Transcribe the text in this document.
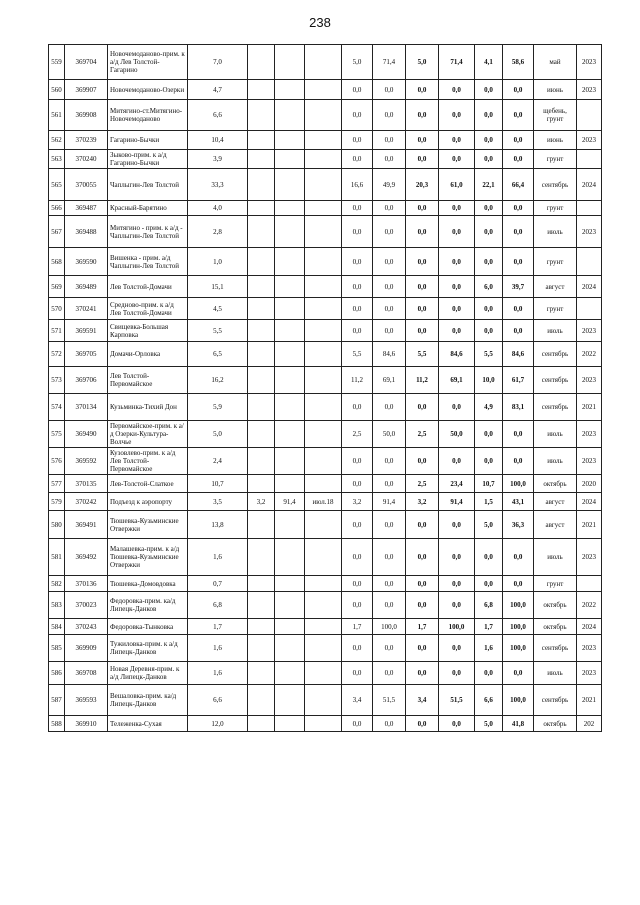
238
559	369704	Новочемоданово-прим. к а/д Лев Толстой-Гагарино	7,0				5,0	71,4	5,0	71,4	4,1	58,6	май	2023
560	369907	Новочемоданово-Озерки	4,7				0,0	0,0	0,0	0,0	0,0	0,0	июнь	2023
561	369908	Митягино-ст.Митягино-Новочемоданово	6,6				0,0	0,0	0,0	0,0	0,0	0,0	щебень, грунт	
562	370239	Гагарино-Бычки	10,4				0,0	0,0	0,0	0,0	0,0	0,0	июнь	2023
563	370240	Зыково-прим. к а/д Гагарино-Бычки	3,9				0,0	0,0	0,0	0,0	0,0	0,0	грунт	
565	370055	Чаплыгин-Лев Толстой	33,3				16,6	49,9	20,3	61,0	22,1	66,4	сентябрь	2024
566	369487	Красный-Барятино	4,0				0,0	0,0	0,0	0,0	0,0	0,0	грунт	
567	369488	Митягино - прим. к а/д - Чаплыгин-Лев Толстой	2,8				0,0	0,0	0,0	0,0	0,0	0,0	июль	2023
568	369590	Вишенка - прим. а/д Чаплыгин-Лев Толстой	1,0				0,0	0,0	0,0	0,0	0,0	0,0	грунт	
569	369489	Лев Толстой-Домачи	15,1				0,0	0,0	0,0	0,0	6,0	39,7	август	2024
570	370241	Средново-прим. к а/д Лев Толстой-Домачи	4,5				0,0	0,0	0,0	0,0	0,0	0,0	грунт	
571	369591	Свищевка-Большая Карповка	5,5				0,0	0,0	0,0	0,0	0,0	0,0	июль	2023
572	369705	Домачи-Орловка	6,5				5,5	84,6	5,5	84,6	5,5	84,6	сентябрь	2022
573	369706	Лев Толстой-Первомайское	16,2				11,2	69,1	11,2	69,1	10,0	61,7	сентябрь	2023
574	370134	Кузьминка-Тихий Дон	5,9				0,0	0,0	0,0	0,0	4,9	83,1	сентябрь	2021
575	369490	Первомайское-прим. к а/д Озерки-Культура-Волчье	5,0				2,5	50,0	2,5	50,0	0,0	0,0	июль	2023
576	369592	Кузовлево-прим. к а/д Лев Толстой-Первомайское	2,4				0,0	0,0	0,0	0,0	0,0	0,0	июль	2023
577	370135	Лев-Толстой-Слаткое	10,7				0,0	0,0	2,5	23,4	10,7	100,0	октябрь	2020
579	370242	Подъезд к аэропорту	3,5	3,2	91,4	июл.18	3,2	91,4	3,2	91,4	1,5	43,1	август	2024
580	369491	Тюшевка-Кузьминские Отвержки	13,8				0,0	0,0	0,0	0,0	5,0	36,3	август	2021
581	369492	Малашевка-прим. к а/д Тюшевка-Кузьминские Отвержки	1,6				0,0	0,0	0,0	0,0	0,0	0,0	июль	2023
582	370136	Тюшевка-Домовдовка	0,7				0,0	0,0	0,0	0,0	0,0	0,0	грунт	
583	370023	Федоровка-прим. ка/д Липецк-Данков	6,8				0,0	0,0	0,0	0,0	6,8	100,0	октябрь	2022
584	370243	Федоровка-Тынковка	1,7				1,7	100,0	1,7	100,0	1,7	100,0	октябрь	2024
585	369909	Тужиловка-прим. к а/д Липецк-Данков	1,6				0,0	0,0	0,0	0,0	1,6	100,0	сентябрь	2023
586	369708	Новая Деревня-прим. к а/д Липецк-Данков	1,6				0,0	0,0	0,0	0,0	0,0	0,0	июль	2023
587	369593	Вешаловка-прим. ка/д Липецк-Данков	6,6				3,4	51,5	3,4	51,5	6,6	100,0	сентябрь	2021
588	369910	Тележенка-Сухая	12,0				0,0	0,0	0,0	0,0	5,0	41,8	октябрь	202
